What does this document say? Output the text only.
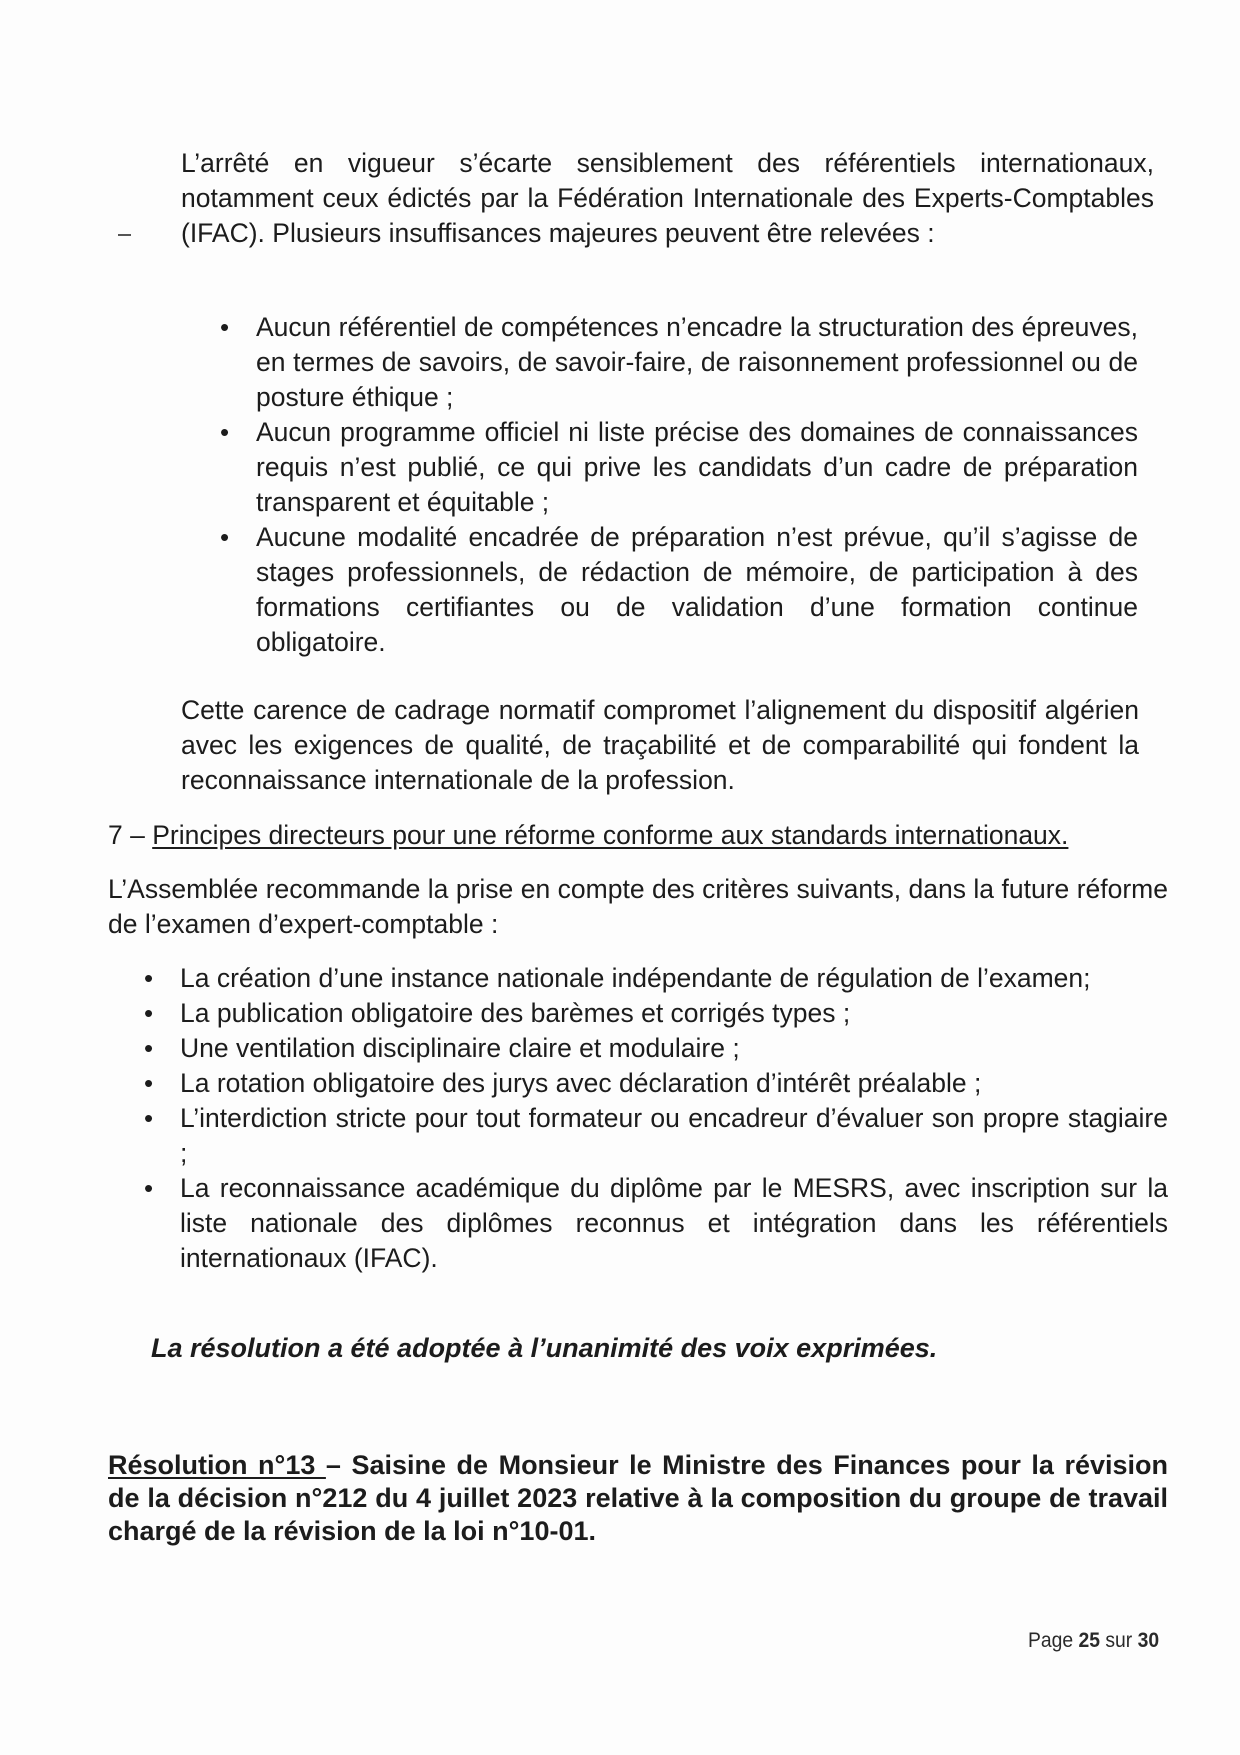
L’arrêté en vigueur s’écarte sensiblement des référentiels internationaux, notamment ceux édictés par la Fédération Internationale des Experts-Comptables (IFAC). Plusieurs insuffisances majeures peuvent être relevées :

• Aucun référentiel de compétences n’encadre la structuration des épreuves, en termes de savoirs, de savoir-faire, de raisonnement professionnel ou de posture éthique ;
• Aucun programme officiel ni liste précise des domaines de connaissances requis n’est publié, ce qui prive les candidats d’un cadre de préparation transparent et équitable ;
• Aucune modalité encadrée de préparation n’est prévue, qu’il s’agisse de stages professionnels, de rédaction de mémoire, de participation à des formations certifiantes ou de validation d’une formation continue obligatoire.

Cette carence de cadrage normatif compromet l’alignement du dispositif algérien avec les exigences de qualité, de traçabilité et de comparabilité qui fondent la reconnaissance internationale de la profession.

7 – Principes directeurs pour une réforme conforme aux standards internationaux.

L’Assemblée recommande la prise en compte des critères suivants, dans la future réforme de l’examen d’expert-comptable :

• La création d’une instance nationale indépendante de régulation de l’examen;
• La publication obligatoire des barèmes et corrigés types ;
• Une ventilation disciplinaire claire et modulaire ;
• La rotation obligatoire des jurys avec déclaration d’intérêt préalable ;
• L’interdiction stricte pour tout formateur ou encadreur d’évaluer son propre stagiaire ;
• La reconnaissance académique du diplôme par le MESRS, avec inscription sur la liste nationale des diplômes reconnus et intégration dans les référentiels internationaux (IFAC).

La résolution a été adoptée à l’unanimité des voix exprimées.

Résolution n°13 – Saisine de Monsieur le Ministre des Finances pour la révision de la décision n°212 du 4 juillet 2023 relative à la composition du groupe de travail chargé de la révision de la loi n°10-01.

Page 25 sur 30
